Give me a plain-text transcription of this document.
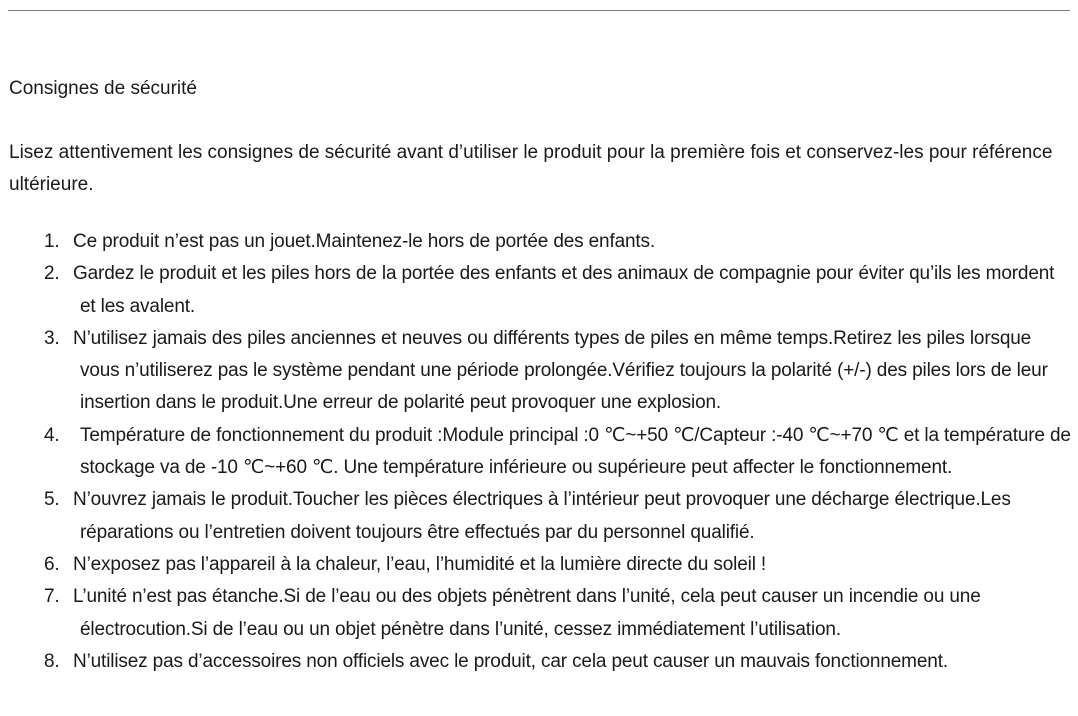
Consignes de sécurité

Lisez attentivement les consignes de sécurité avant d’utiliser le produit pour la première fois et conservez-les pour référence ultérieure.

1. Ce produit n’est pas un jouet.Maintenez-le hors de portée des enfants.
2. Gardez le produit et les piles hors de la portée des enfants et des animaux de compagnie pour éviter qu’ils les mordent et les avalent.
3. N’utilisez jamais des piles anciennes et neuves ou différents types de piles en même temps.Retirez les piles lorsque vous n’utiliserez pas le système pendant une période prolongée.Vérifiez toujours la polarité (+/-) des piles lors de leur insertion dans le produit.Une erreur de polarité peut provoquer une explosion.
4. Température de fonctionnement du produit :Module principal :0 ℃~+50 ℃/Capteur :-40 ℃~+70 ℃ et la température de stockage va de -10 ℃~+60 ℃. Une température inférieure ou supérieure peut affecter le fonctionnement.
5. N’ouvrez jamais le produit.Toucher les pièces électriques à l’intérieur peut provoquer une décharge électrique.Les réparations ou l’entretien doivent toujours être effectués par du personnel qualifié.
6. N’exposez pas l’appareil à la chaleur, l’eau, l’humidité et la lumière directe du soleil !
7. L’unité n’est pas étanche.Si de l’eau ou des objets pénètrent dans l’unité, cela peut causer un incendie ou une électrocution.Si de l’eau ou un objet pénètre dans l’unité, cessez immédiatement l’utilisation.
8. N’utilisez pas d’accessoires non officiels avec le produit, car cela peut causer un mauvais fonctionnement.
